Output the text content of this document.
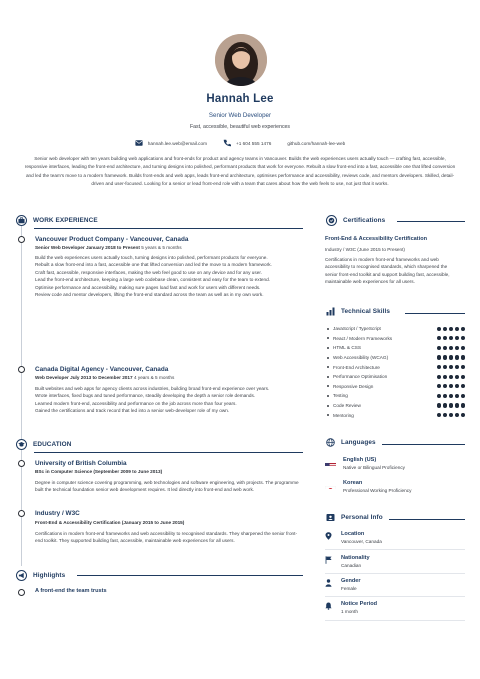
Hannah Lee
Senior Web Developer
Fast, accessible, beautiful web experiences
hannah.lee.web@email.com	+1 604 555 1476	github.com/hannah-lee-web
Senior web developer with ten years building web applications and front-ends for product and agency teams in Vancouver. Builds the web experiences users actually touch — crafting fast, accessible, responsive interfaces, leading the front-end architecture, and turning designs into polished, performant products that work for everyone. Rebuilt a slow front-end into a fast, accessible one that lifted conversion and led the team's move to a modern framework. Builds front-ends and web apps, leads front-end architecture, optimises performance and accessibility, reviews code, and mentors developers. Skilled, detail-driven and user-focused. Looking for a senior or lead front-end role with a team that cares about how the web feels to use, not just that it works.
WORK EXPERIENCE
Vancouver Product Company - Vancouver, Canada
Senior Web Developer January 2018 to Present 5 years & 5 months

Build the web experiences users actually touch, turning designs into polished, performant products for everyone.

Rebuilt a slow front-end into a fast, accessible one that lifted conversion and led the move to a modern framework.

Craft fast, accessible, responsive interfaces, making the web feel good to use on any device and for any user.

Lead the front-end architecture, keeping a large web codebase clean, consistent and easy for the team to extend.

Optimise performance and accessibility, making sure pages load fast and work for users with different needs.

Review code and mentor developers, lifting the front-end standard across the team as well as in my own work.

Canada Digital Agency - Vancouver, Canada
Web Developer July 2013 to December 2017 4 years & 5 months

Built websites and web apps for agency clients across industries, building broad front-end experience over years.

Wrote interfaces, fixed bugs and tuned performance, steadily developing the depth a senior role demands.

Learned modern front-end, accessibility and performance on the job across more than four years.

Gained the certifications and track record that led into a senior web-developer role of my own.

EDUCATION
University of British Columbia
BSc in Computer Science (September 2009 to June 2013)
Degree in computer science covering programming, web technologies and software engineering, with projects. The programme built the technical foundation senior web development requires. It led directly into front-end and web work.
Industry / W3C
Front-End & Accessibility Certification (January 2015 to June 2015)
Certifications in modern front-end frameworks and web accessibility to recognised standards. They sharpened the senior front-end toolkit. They supported building fast, accessible, maintainable web experiences for all users.
Highlights
A front-end the team trusts
Certifications
Front-End & Accessibility Certification
Industry / W3C (June 2015 to Present)
Certifications in modern front-end frameworks and web accessibility to recognised standards, which sharpened the senior front-end toolkit and support building fast, accessible, maintainable web experiences for all users.
Technical Skills
JavaScript / TypeScript
React / Modern Frameworks
HTML & CSS
Web Accessibility (WCAG)
Front-End Architecture
Performance Optimisation
Responsive Design
Testing
Code Review
Mentoring
Languages
English (US)
Native or Bilingual Proficiency
Korean
Professional Working Proficiency
Personal Info
Location
Vancouver, Canada
Nationality
Canadian
Gender
Female
Notice Period
1 month
